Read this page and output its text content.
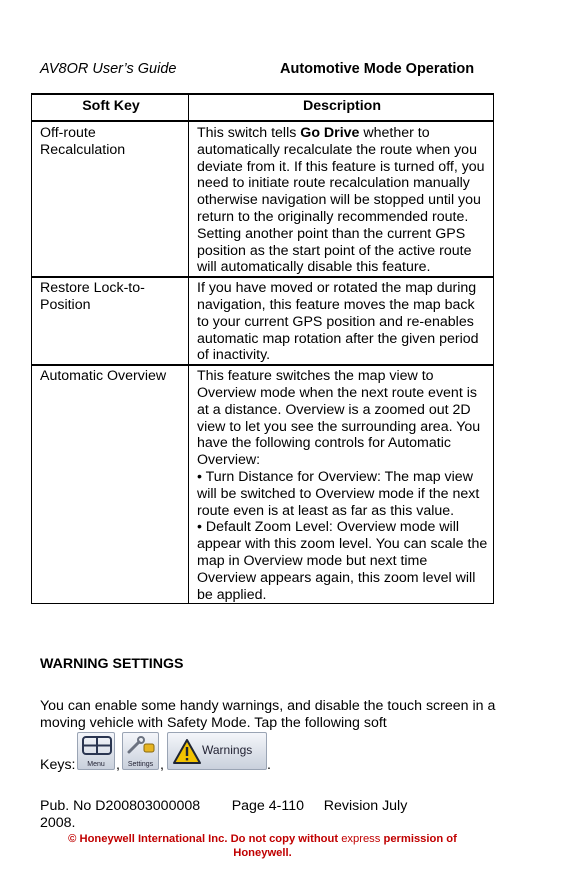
AV8OR User’s Guide	Automotive Mode Operation
Soft Key	Description
Off-route Recalculation	This switch tells Go Drive whether to automatically recalculate the route when you deviate from it. If this feature is turned off, you need to initiate route recalculation manually otherwise navigation will be stopped until you return to the originally recommended route. Setting another point than the current GPS position as the start point of the active route will automatically disable this feature.
Restore Lock-to-Position	If you have moved or rotated the map during navigation, this feature moves the map back to your current GPS position and re-enables automatic map rotation after the given period of inactivity.
Automatic Overview	This feature switches the map view to Overview mode when the next route event is at a distance. Overview is a zoomed out 2D view to let you see the surrounding area. You have the following controls for Automatic Overview:
• Turn Distance for Overview: The map view will be switched to Overview mode if the next route even is at least as far as this value.
• Default Zoom Level: Overview mode will appear with this zoom level. You can scale the map in Overview mode but next time Overview appears again, this zoom level will be applied.
WARNING SETTINGS
You can enable some handy warnings, and disable the touch screen in a moving vehicle with Safety Mode. Tap the following soft
Keys:	Menu ,	Settings ,
Warnings
.
Pub. No D200803000008 Page 4-110 Revision July
2008.
© Honeywell International Inc. Do not copy without express permission of
Honeywell.
